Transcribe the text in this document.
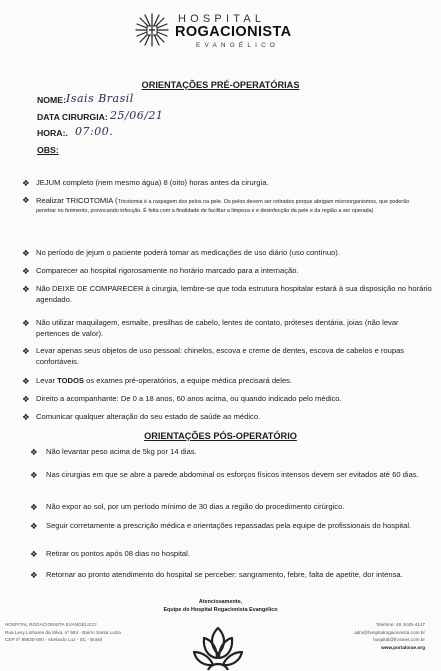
HOSPITAL
ROGACIONISTA
EVANGÉLICO
ORIENTAÇÕES PRÉ-OPERATÓRIAS
NOME: Isais Brasil
DATA CIRURGIA: 25/06/21
HORA:. 07:00.
OBS:
❖ JEJUM completo (nem mesmo água) 8 (oito) horas antes da cirurgia.
❖ Realizar TRICOTOMIA (Tricotomia é a raspagem dos pelos na pele. Os pelos devem ser retirados porque abrigam microorganismos, que poderão penetrar no ferimento, provocando infecção. É feita com a finalidade de facilitar a limpeza e e desinfecção da pele e da região a ser operada)
❖ No período de jejum o paciente poderá tomar as medicações de uso diário (uso contínuo).
❖ Comparecer ao hospital rigorosamente no horário marcado para a internação.
❖ Não DEIXE DE COMPARECER à cirurgia, lembre-se que toda estrutura hospitalar estará à sua disposição no horário agendado.
❖ Não utilizar maquilagem, esmalte, presilhas de cabelo, lentes de contato, próteses dentária, joias (não levar pertences de valor).
❖ Levar apenas seus objetos de uso pessoal: chinelos, escova e creme de dentes, escova de cabelos e roupas confortáveis.
❖ Levar TODOS os exames pré-operatórios, a equipe médica precisará deles.
❖ Direito a acompanhante: De 0 a 18 anos, 60 anos acima, ou quando indicado pelo médico.
❖ Comunicar qualquer alteração do seu estado de saúde ao médico.
ORIENTAÇÕES PÓS-OPERATÓRIO
❖	Não levantar peso acima de 5kg por 14 dias.
❖	Nas cirurgias em que se abre a parede abdominal os esforços físicos intensos devem ser evitados até 60 dias.
❖	Não expor ao sol, por um período mínimo de 30 dias a região do procedimento cirúrgico.
❖	Seguir corretamente a prescrição médica e orientações repassadas pela equipe de profissionais do hospital.
❖	Retirar os pontos após 08 dias no hospital.
❖	Retornar ao pronto atendimento do hospital se perceber: sangramento, febre, falta de apetite, dor intensa.
Atenciosamente,
Equipe do Hospital Rogacionista Evangélico
HOSPITAL ROGACIONISTA EVANGÉLICO:
Rua Levy Linhares da Silva, nº 584 - Bairro Santa Luzia
CEP nº 89830-000 - Abelardo Luz - SC - Brasil
Telefone: 49 3445-4147
adm@hospitalrogacionista.com.br
hospital@frosinet.com.br
www.portalorae.org
